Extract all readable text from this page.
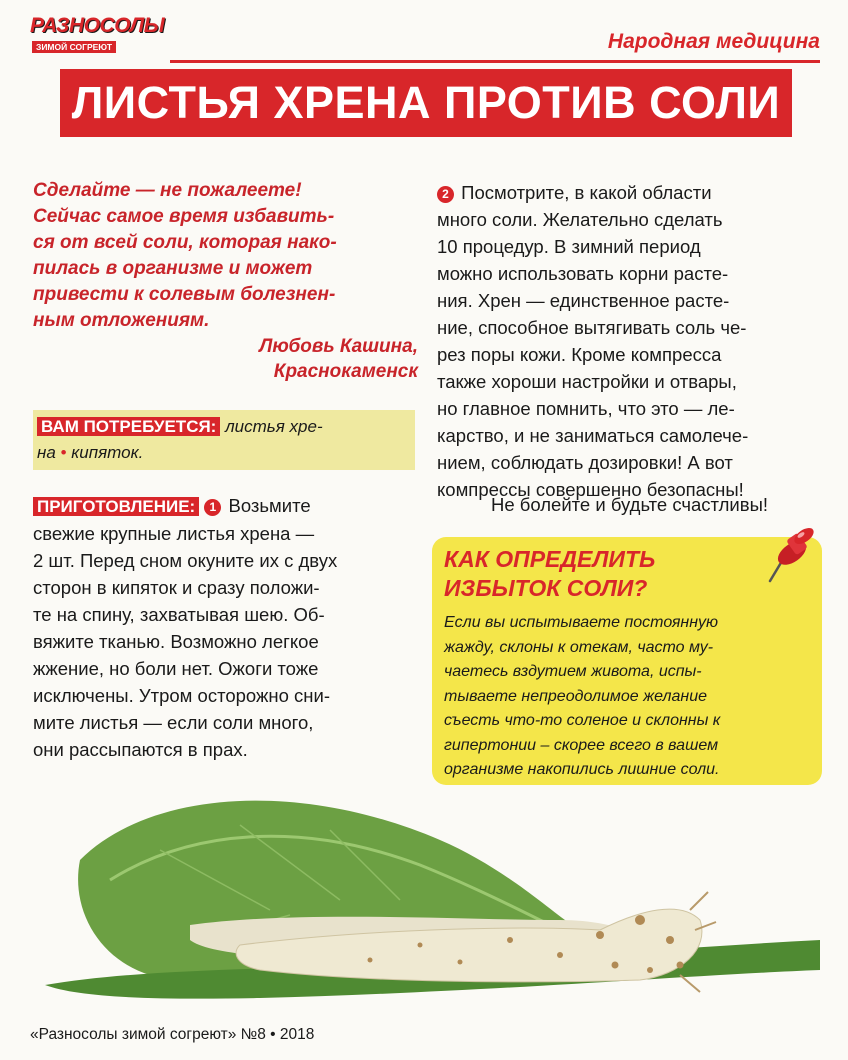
РАЗНОСОЛЫ
ЗИМОЙ СОГРЕЮТ	Народная медицина
ЛИСТЬЯ ХРЕНА ПРОТИВ СОЛИ
Сделайте — не пожалеете!
Сейчас самое время избавить-
ся от всей соли, которая нако-
пилась в организме и может
привести к солевым болезнен-
ным отложениям.
Любовь Кашина,
Краснокаменск
ВАМ ПОТРЕБУЕТСЯ: листья хре-
на • кипяток.
ПРИГОТОВЛЕНИЕ: 1 Возьмите
свежие крупные листья хрена —
2 шт. Перед сном окуните их с двух
сторон в кипяток и сразу положи-
те на спину, захватывая шею. Об-
вяжите тканью. Возможно легкое
жжение, но боли нет. Ожоги тоже
исключены. Утром осторожно сни-
мите листья — если соли много,
они рассыпаются в прах.
2 Посмотрите, в какой области
много соли. Желательно сделать
10 процедур. В зимний период
можно использовать корни расте-
ния. Хрен — единственное расте-
ние, способное вытягивать соль че-
рез поры кожи. Кроме компресса
также хороши настройки и отвары,
но главное помнить, что это — ле-
карство, и не заниматься самолече-
нием, соблюдать дозировки! А вот
компрессы совершенно безопасны!
Не болейте и будьте счастливы!
КАК ОПРЕДЕЛИТЬ
ИЗБЫТОК СОЛИ?
Если вы испытываете постоянную
жажду, склоны к отекам, часто му-
чаетесь вздутием живота, испы-
тываете непреодолимое желание
съесть что-то соленое и склонны к
гипертонии – скорее всего в вашем
организме накопились лишние соли.
«Разносолы зимой согреют» №8 • 2018
